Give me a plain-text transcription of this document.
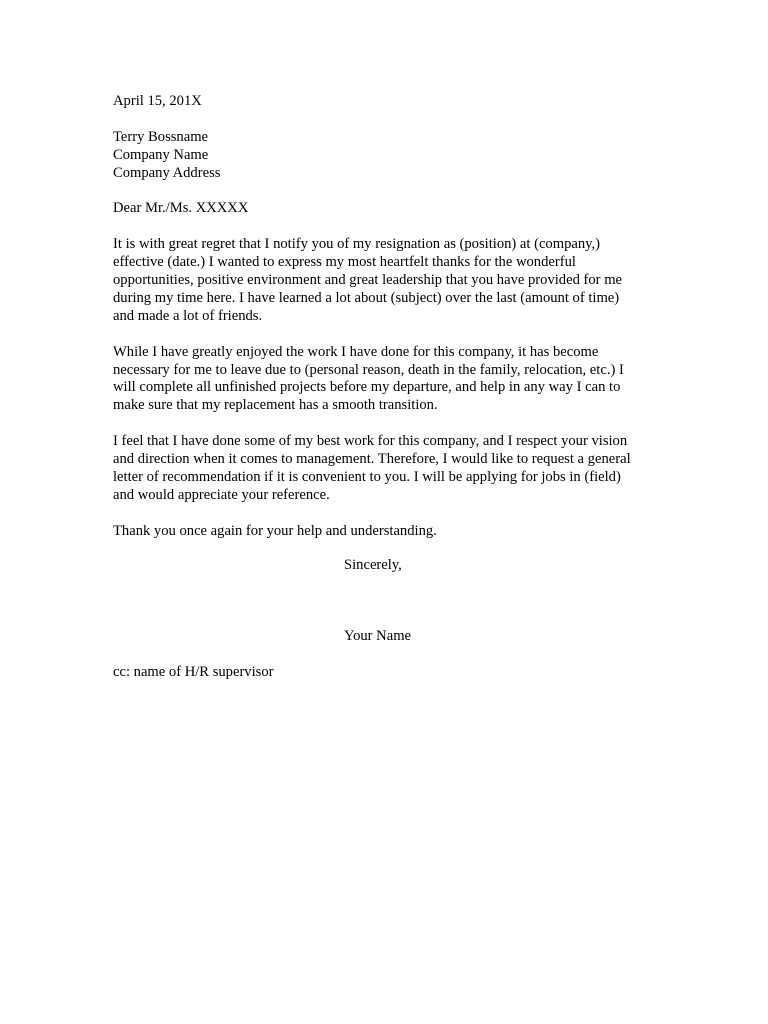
April 15, 201X
Terry Bossname
Company Name
Company Address
Dear Mr./Ms. XXXXX
It is with great regret that I notify you of my resignation as (position) at (company,)
effective (date.) I wanted to express my most heartfelt thanks for the wonderful
opportunities, positive environment and great leadership that you have provided for me
during my time here. I have learned a lot about (subject) over the last (amount of time)
and made a lot of friends.
While I have greatly enjoyed the work I have done for this company, it has become
necessary for me to leave due to (personal reason, death in the family, relocation, etc.) I
will complete all unfinished projects before my departure, and help in any way I can to
make sure that my replacement has a smooth transition.
I feel that I have done some of my best work for this company, and I respect your vision
and direction when it comes to management. Therefore, I would like to request a general
letter of recommendation if it is convenient to you. I will be applying for jobs in (field)
and would appreciate your reference.
Thank you once again for your help and understanding.
Sincerely,
Your Name
cc: name of H/R supervisor
